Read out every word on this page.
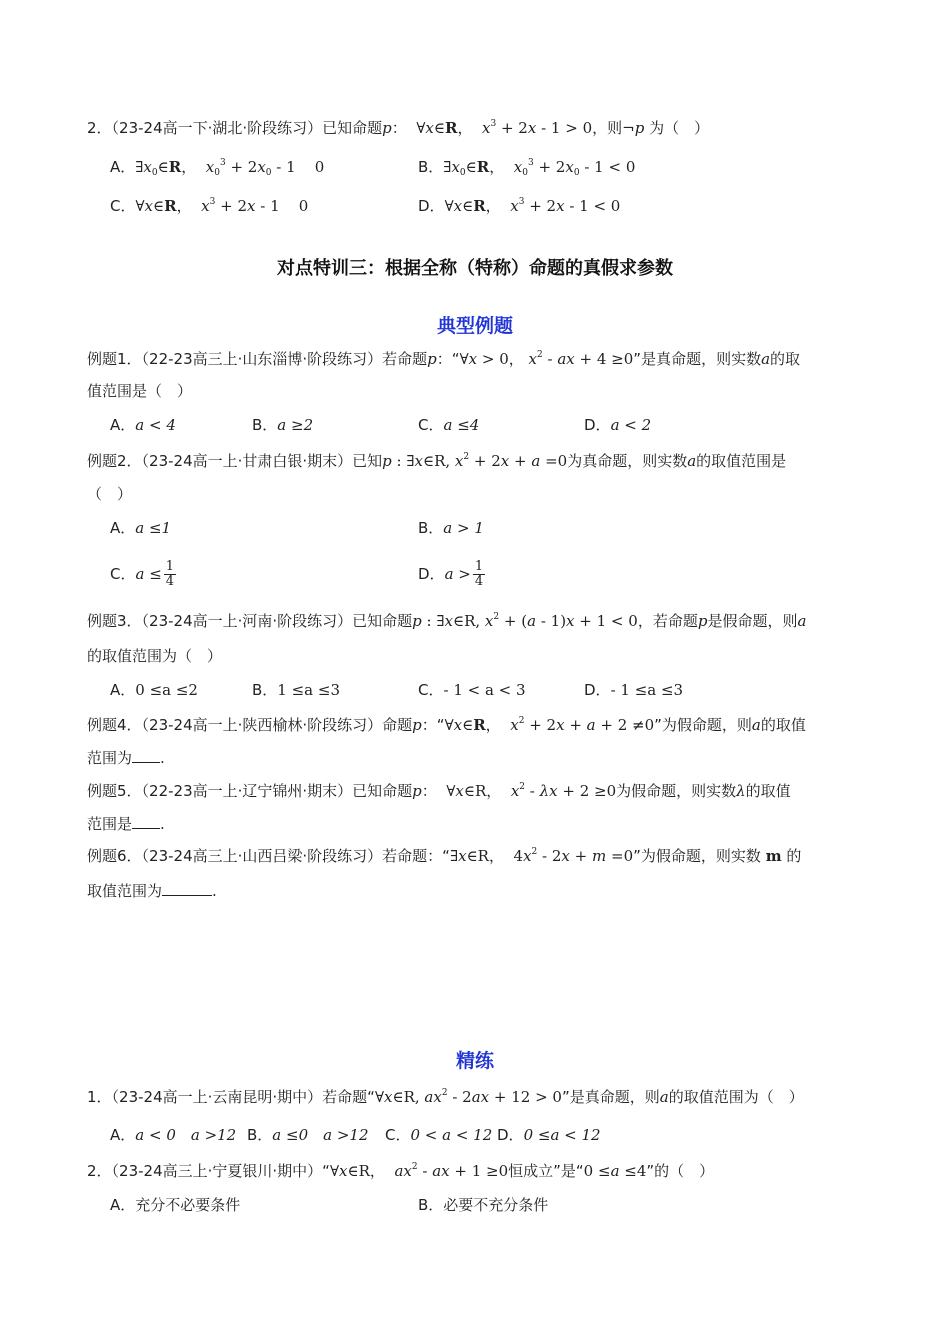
2．（23-24高一下·湖北·阶段练习）已知命题p：  ∀x∈R，  $x^3 + 2x - 1 > 0$，则¬p 为（　）
A．$\exists x_0\in R$，  $x_0^3 + 2x_0 - 1$    0	B．$\exists x_0\in R$，  $x_0^3 + 2x_0 - 1 < 0$
C．∀x∈R，  $x^3 + 2x - 1$    0	D．∀x∈R，  $x^3 + 2x - 1 < 0$
对点特训三：根据全称（特称）命题的真假求参数
典型例题
例题1．（22-23高三上·山东淄博·阶段练习）若命题p：“∀x > 0， $x^2$ - ax + 4 ≥0”是真命题，则实数a的取
值范围是（　）
A．a < 4	B．a ≥2	C．a ≤4	D．a < 2
例题2．（23-24高一上·甘肃白银·期末）已知p : ∃x∈R, $x^2 + 2x + a =0$为真命题，则实数a的取值范围是
（　）
A．a ≤1	B．a > 1
C．$a \le \frac{1}{4}$	D．$a > \frac{1}{4}$
例题3．（23-24高一上·河南·阶段练习）已知命题p : ∃x∈R, $x^2 + (a - 1)x + 1 < 0$，若命题p是假命题，则a
的取值范围为（　）
A．0 ≤a ≤2	B．1 ≤a ≤3	C．- 1 < a < 3	D．- 1 ≤a ≤3
例题4．（23-24高一上·陕西榆林·阶段练习）命题p：“∀x∈R，  $x^2 + 2x + a + 2 \ne 0$”为假命题，则a的取值
范围为 .
例题5．（22-23高一上·辽宁锦州·期末）已知命题p：  ∀x∈R，  $x^2 - \lambda x + 2 \ge 0$为假命题，则实数λ的取值
范围是 .
例题6．（23-24高三上·山西吕梁·阶段练习）若命题：“∃x∈R，  $4x^2 - 2x + m =0$”为假命题，则实数 m 的
取值范围为	.
精练
1．（23-24高一上·云南昆明·期中）若命题“∀x∈R, $ax^2 - 2ax + 12 > 0$”是真命题，则a的取值范围为（　）
A．a < 0　a >12 B．a ≤0　a >12 C．0 < a < 12 D．0 ≤a < 12
2．（23-24高三上·宁夏银川·期中）“∀x∈R，  $ax^2$ - ax + 1 ≥0恒成立”是“0 ≤a ≤4”的（　）
A．充分不必要条件	B．必要不充分条件
